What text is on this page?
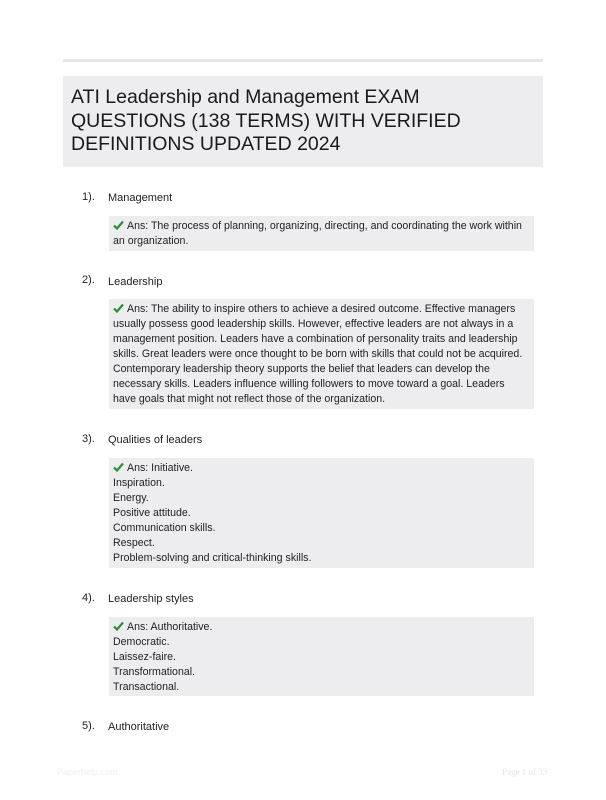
ATI Leadership and Management EXAM
QUESTIONS (138 TERMS) WITH VERIFIED
DEFINITIONS UPDATED 2024
1). Management
Ans: The process of planning, organizing, directing, and coordinating the work within
an organization.
2). Leadership
Ans: The ability to inspire others to achieve a desired outcome. Effective managers
usually possess good leadership skills. However, effective leaders are not always in a
management position. Leaders have a combination of personality traits and leadership
skills. Great leaders were once thought to be born with skills that could not be acquired.
Contemporary leadership theory supports the belief that leaders can develop the
necessary skills. Leaders influence willing followers to move toward a goal. Leaders
have goals that might not reflect those of the organization.
3). Qualities of leaders
Ans: Initiative.
Inspiration.
Energy.
Positive attitude.
Communication skills.
Respect.
Problem-solving and critical-thinking skills.
4). Leadership styles
Ans: Authoritative.
Democratic.
Laissez-faire.
Transformational.
Transactional.
5). Authoritative
Paperhelp.com	Page 1 of 33
